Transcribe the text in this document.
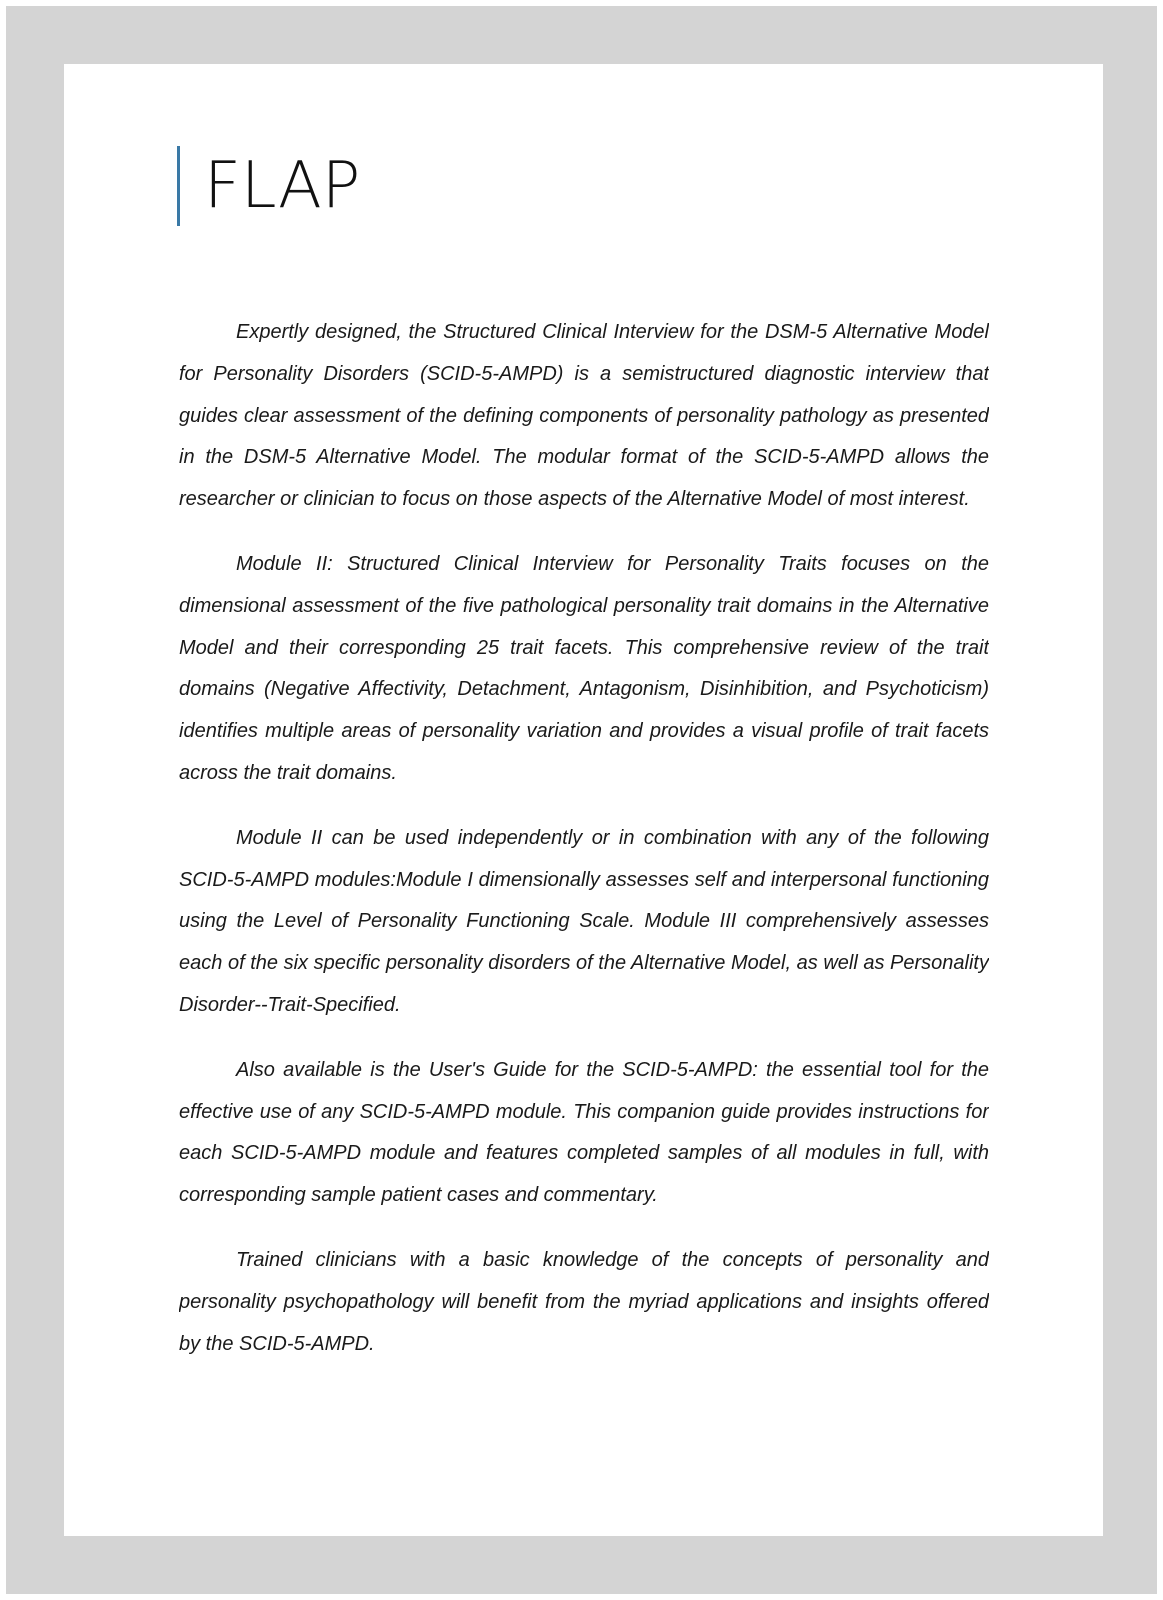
FLAP

Expertly designed, the Structured Clinical Interview for the DSM-5 Alternative Model for Personality Disorders (SCID-5-AMPD) is a semistructured diagnostic interview that guides clear assessment of the defining components of personality pathology as presented in the DSM-5 Alternative Model. The modular format of the SCID-5-AMPD allows the researcher or clinician to focus on those aspects of the Alternative Model of most interest.

Module II: Structured Clinical Interview for Personality Traits focuses on the dimensional assessment of the five pathological personality trait domains in the Alternative Model and their corresponding 25 trait facets. This comprehensive review of the trait domains (Negative Affectivity, Detachment, Antagonism, Disinhibition, and Psychoticism) identifies multiple areas of personality variation and provides a visual profile of trait facets across the trait domains.

Module II can be used independently or in combination with any of the following SCID-5-AMPD modules:Module I dimensionally assesses self and interpersonal functioning using the Level of Personality Functioning Scale. Module III comprehensively assesses each of the six specific personality disorders of the Alternative Model, as well as Personality Disorder--Trait-Specified.

Also available is the User's Guide for the SCID-5-AMPD: the essential tool for the effective use of any SCID-5-AMPD module. This companion guide provides instructions for each SCID-5-AMPD module and features completed samples of all modules in full, with corresponding sample patient cases and commentary.

Trained clinicians with a basic knowledge of the concepts of personality and personality psychopathology will benefit from the myriad applications and insights offered by the SCID-5-AMPD.
